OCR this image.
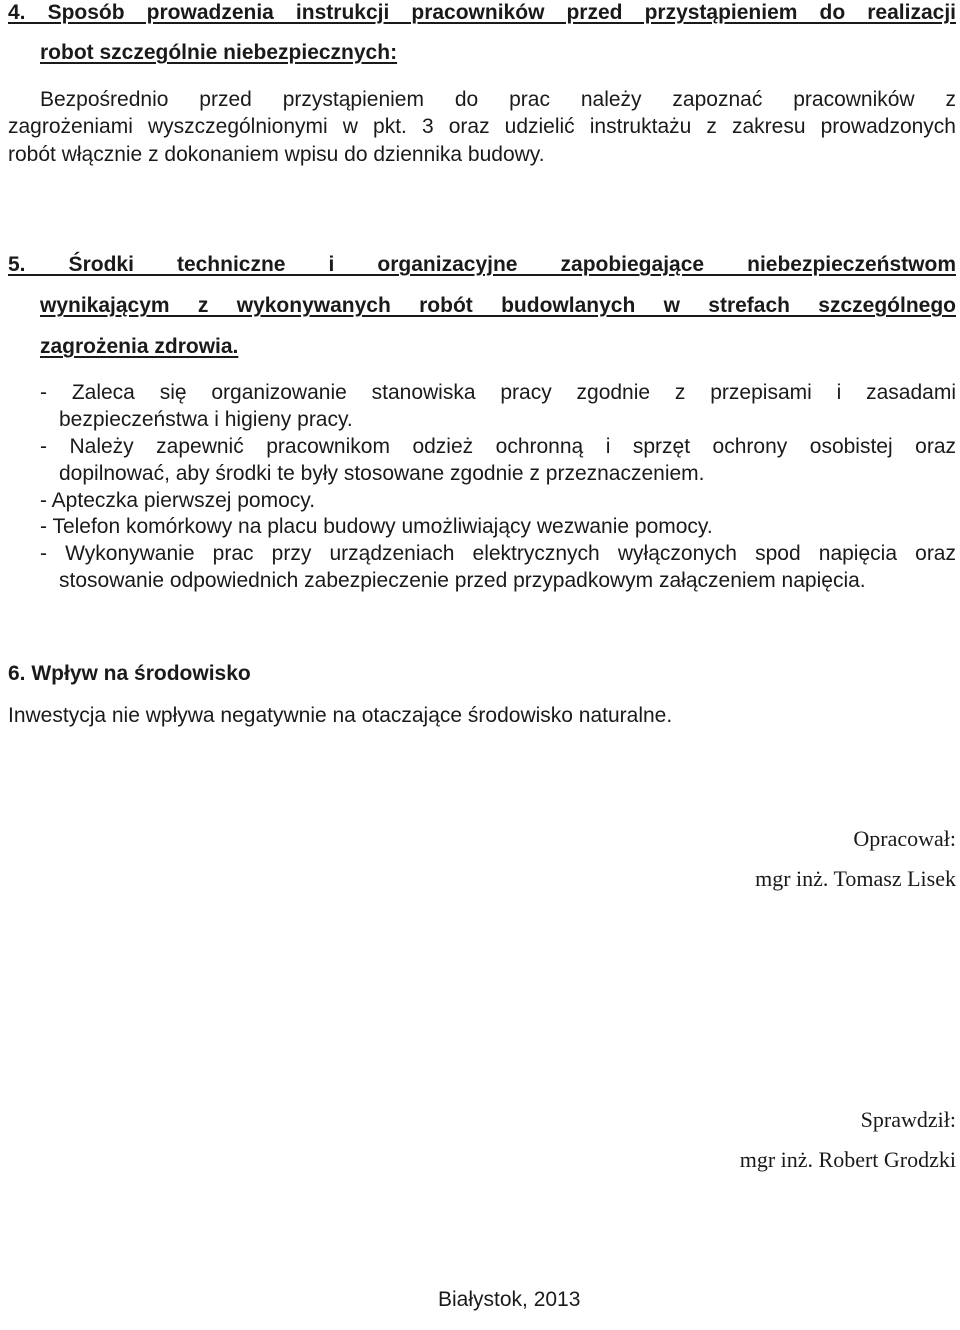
4. Sposób prowadzenia instrukcji pracowników przed przystąpieniem do realizacji
robot szczególnie niebezpiecznych:
Bezpośrednio przed przystąpieniem do prac należy zapoznać pracowników z
zagrożeniami wyszczególnionymi w pkt. 3 oraz udzielić instruktażu z zakresu prowadzonych
robót włącznie z dokonaniem wpisu do dziennika budowy.
5. Środki techniczne i organizacyjne zapobiegające niebezpieczeństwom
wynikającym z wykonywanych robót budowlanych w strefach szczególnego
zagrożenia zdrowia.
- Zaleca się organizowanie stanowiska pracy zgodnie z przepisami i zasadami
bezpieczeństwa i higieny pracy.
- Należy zapewnić pracownikom odzież ochronną i sprzęt ochrony osobistej oraz
dopilnować, aby środki te były stosowane zgodnie z przeznaczeniem.
- Apteczka pierwszej pomocy.
- Telefon komórkowy na placu budowy umożliwiający wezwanie pomocy.
- Wykonywanie prac przy urządzeniach elektrycznych wyłączonych spod napięcia oraz
stosowanie odpowiednich zabezpieczenie przed przypadkowym załączeniem napięcia.
6. Wpływ na środowisko
Inwestycja nie wpływa negatywnie na otaczające środowisko naturalne.
Opracował:
mgr inż. Tomasz Lisek
Sprawdził:
mgr inż. Robert Grodzki
Białystok, 2013
